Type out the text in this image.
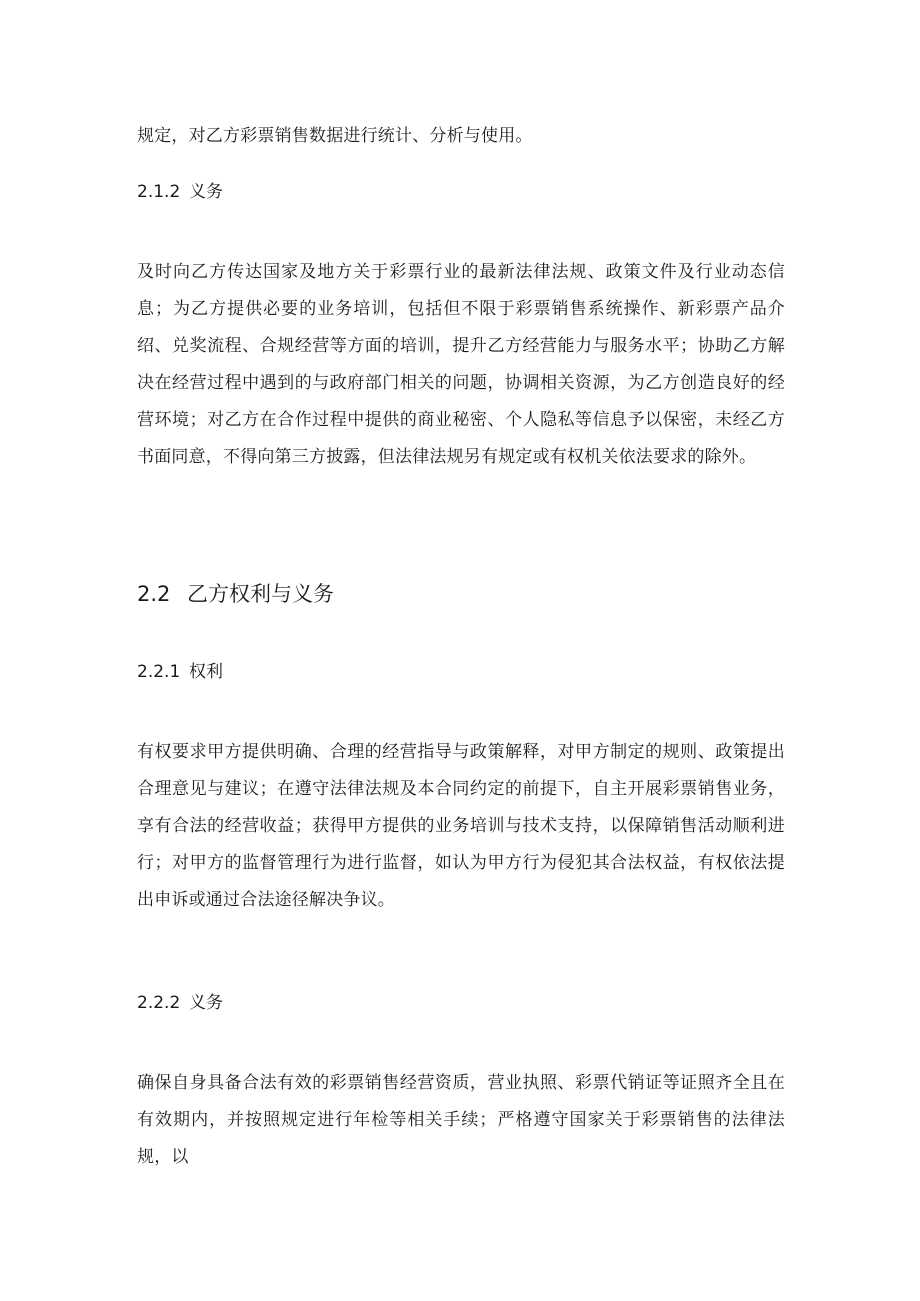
规定，对乙方彩票销售数据进行统计、分析与使用。

2.1.2 义务

及时向乙方传达国家及地方关于彩票行业的最新法律法规、政策文件及行业动态信息；为乙方提供必要的业务培训，包括但不限于彩票销售系统操作、新彩票产品介绍、兑奖流程、合规经营等方面的培训，提升乙方经营能力与服务水平；协助乙方解决在经营过程中遇到的与政府部门相关的问题，协调相关资源，为乙方创造良好的经营环境；对乙方在合作过程中提供的商业秘密、个人隐私等信息予以保密，未经乙方书面同意，不得向第三方披露，但法律法规另有规定或有权机关依法要求的除外。

2.2 乙方权利与义务
2.2.1 权利

有权要求甲方提供明确、合理的经营指导与政策解释，对甲方制定的规则、政策提出合理意见与建议；在遵守法律法规及本合同约定的前提下，自主开展彩票销售业务，享有合法的经营收益；获得甲方提供的业务培训与技术支持，以保障销售活动顺利进行；对甲方的监督管理行为进行监督，如认为甲方行为侵犯其合法权益，有权依法提出申诉或通过合法途径解决争议。

2.2.2 义务

确保自身具备合法有效的彩票销售经营资质，营业执照、彩票代销证等证照齐全且在有效期内，并按照规定进行年检等相关手续；严格遵守国家关于彩票销售的法律法规，以
